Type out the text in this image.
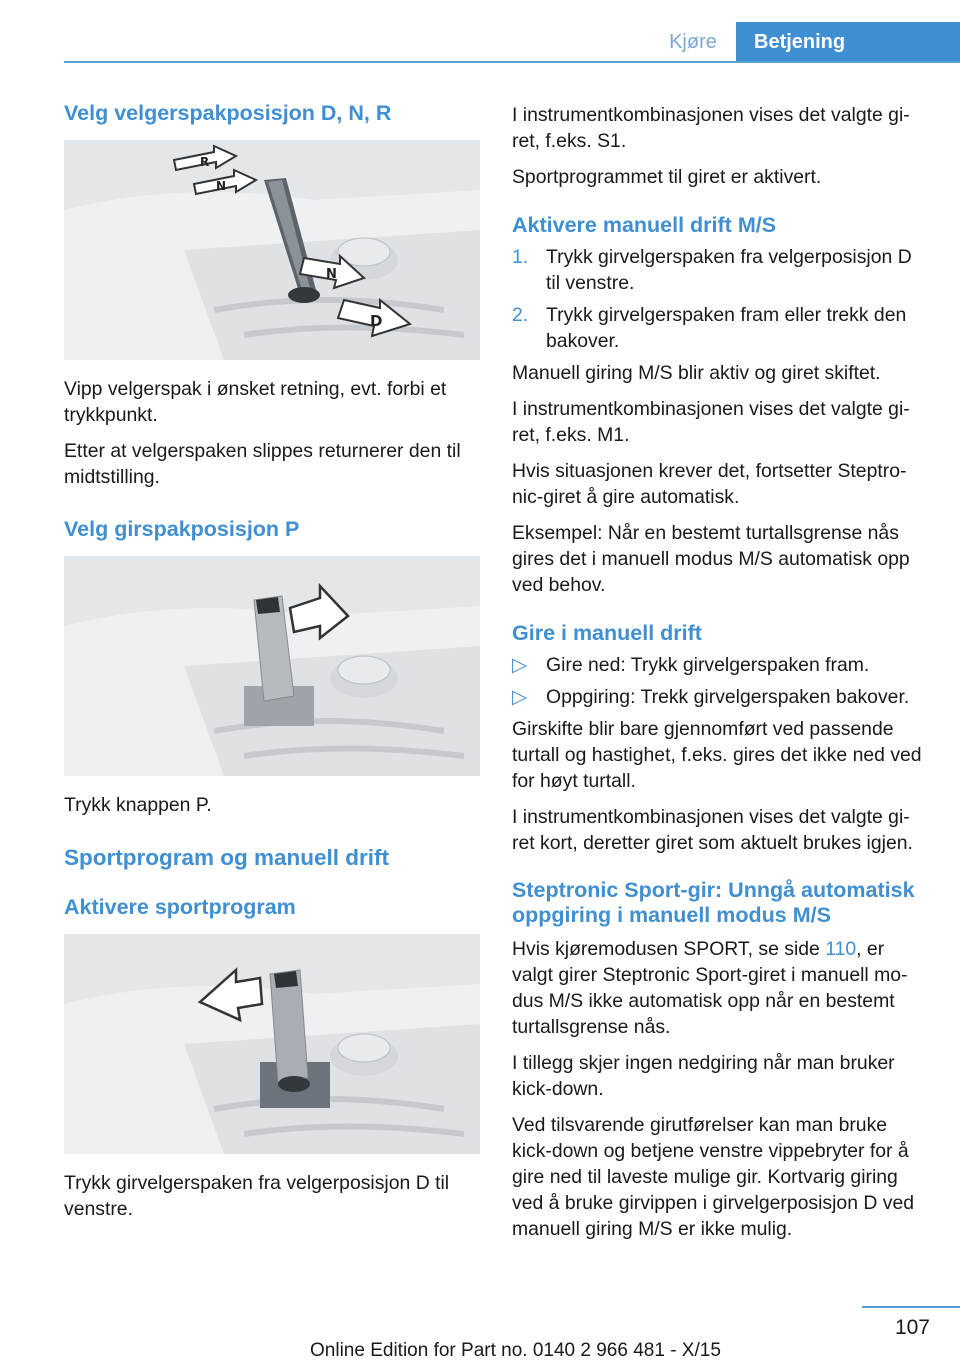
Kjøre	Betjening
Velg velgerspakposisjon D, N, R
R
N
N
D

Vipp velgerspak i ønsket retning, evt. forbi et trykkpunkt.

Etter at velgerspaken slippes returnerer den til midtstilling.

Velg girspakposisjon P

Trykk knappen P.

Sportprogram og manuell drift
Aktivere sportprogram

Trykk girvelgerspaken fra velgerposisjon D til venstre.

I instrumentkombinasjonen vises det valgte gi-ret, f.eks. S1.

Sportprogrammet til giret er aktivert.

Aktivere manuell drift M/S
1. Trykk girvelgerspaken fra velgerposisjon D til venstre.
2. Trykk girvelgerspaken fram eller trekk den bakover.

Manuell giring M/S blir aktiv og giret skiftet.

I instrumentkombinasjonen vises det valgte gi-ret, f.eks. M1.

Hvis situasjonen krever det, fortsetter Steptro-nic-giret å gire automatisk.

Eksempel: Når en bestemt turtallsgrense nås gires det i manuell modus M/S automatisk opp ved behov.

Gire i manuell drift
▷ Gire ned: Trykk girvelgerspaken fram.
▷ Oppgiring: Trekk girvelgerspaken bakover.

Girskifte blir bare gjennomført ved passende turtall og hastighet, f.eks. gires det ikke ned ved for høyt turtall.

I instrumentkombinasjonen vises det valgte gi-ret kort, deretter giret som aktuelt brukes igjen.

Steptronic Sport-gir: Unngå automatisk oppgiring i manuell modus M/S

Hvis kjøremodusen SPORT, se side 110, er valgt girer Steptronic Sport-giret i manuell mo-dus M/S ikke automatisk opp når en bestemt turtallsgrense nås.

I tillegg skjer ingen nedgiring når man bruker kick-down.

Ved tilsvarende girutførelser kan man bruke kick-down og betjene venstre vippebryter for å gire ned til laveste mulige gir. Kortvarig giring ved å bruke girvippen i girvelgerposisjon D ved manuell giring M/S er ikke mulig.

107
Online Edition for Part no. 0140 2 966 481 - X/15
